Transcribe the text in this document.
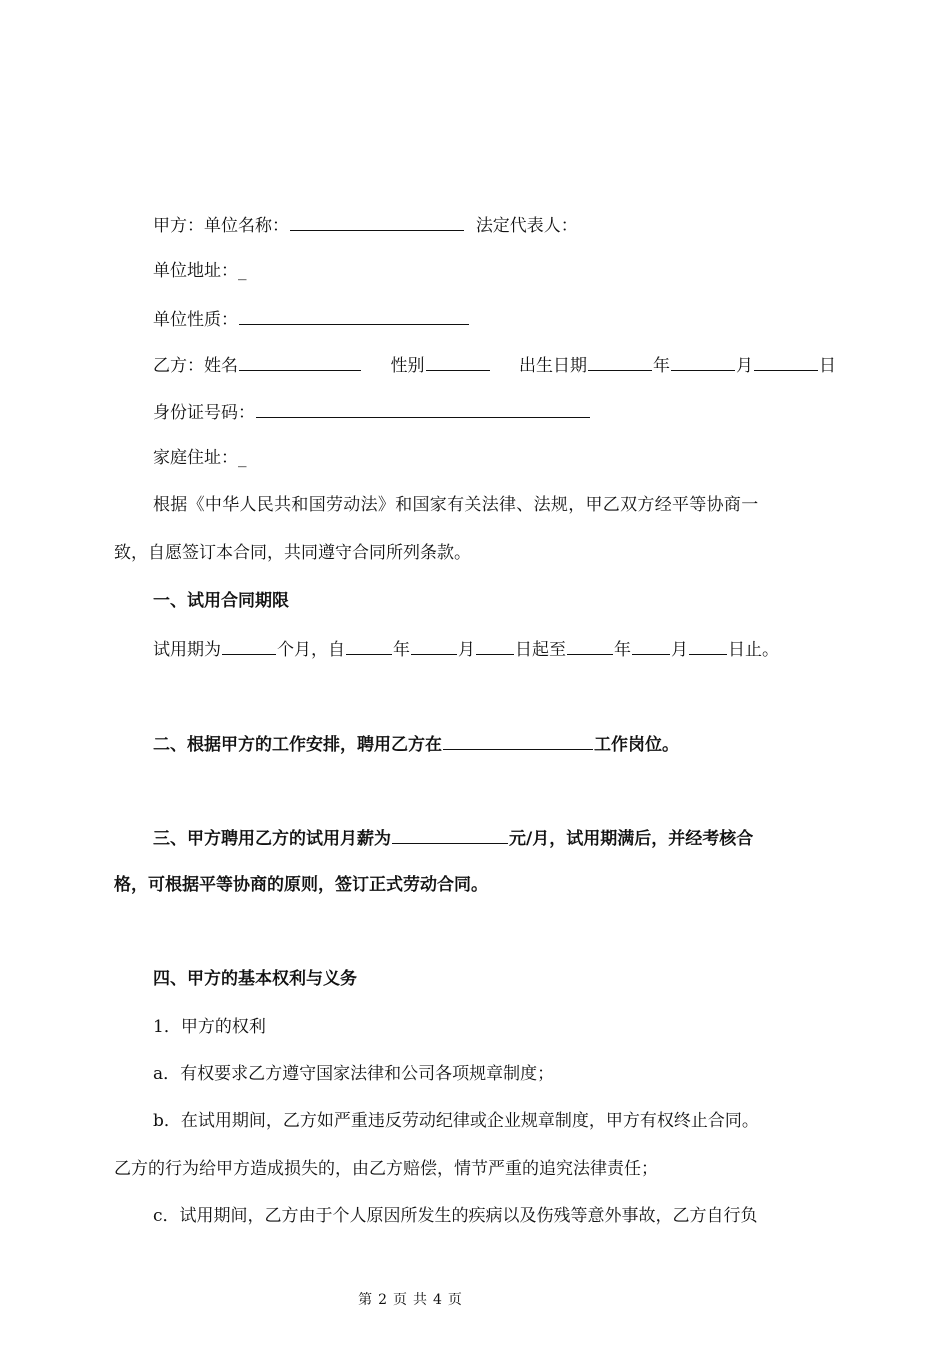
甲方：单位名称：	法定代表人：
单位地址：_
单位性质：
乙方：姓名	性别	出生日期	年	月	日
身份证号码：
家庭住址：_
根据《中华人民共和国劳动法》和国家有关法律、法规，甲乙双方经平等协商一
致，自愿签订本合同，共同遵守合同所列条款。
一、试用合同期限
试用期为	个月，自	年	月 日起至	年 月 日止。
二、根据甲方的工作安排，聘用乙方在	工作岗位。
三、甲方聘用乙方的试用月薪为	元/月，试用期满后，并经考核合
格，可根据平等协商的原则，签订正式劳动合同。
四、甲方的基本权利与义务
1．甲方的权利
a．有权要求乙方遵守国家法律和公司各项规章制度；
b．在试用期间，乙方如严重违反劳动纪律或企业规章制度，甲方有权终止合同。
乙方的行为给甲方造成损失的，由乙方赔偿，情节严重的追究法律责任；
c．试用期间，乙方由于个人原因所发生的疾病以及伤残等意外事故，乙方自行负
第 2 页 共 4 页
